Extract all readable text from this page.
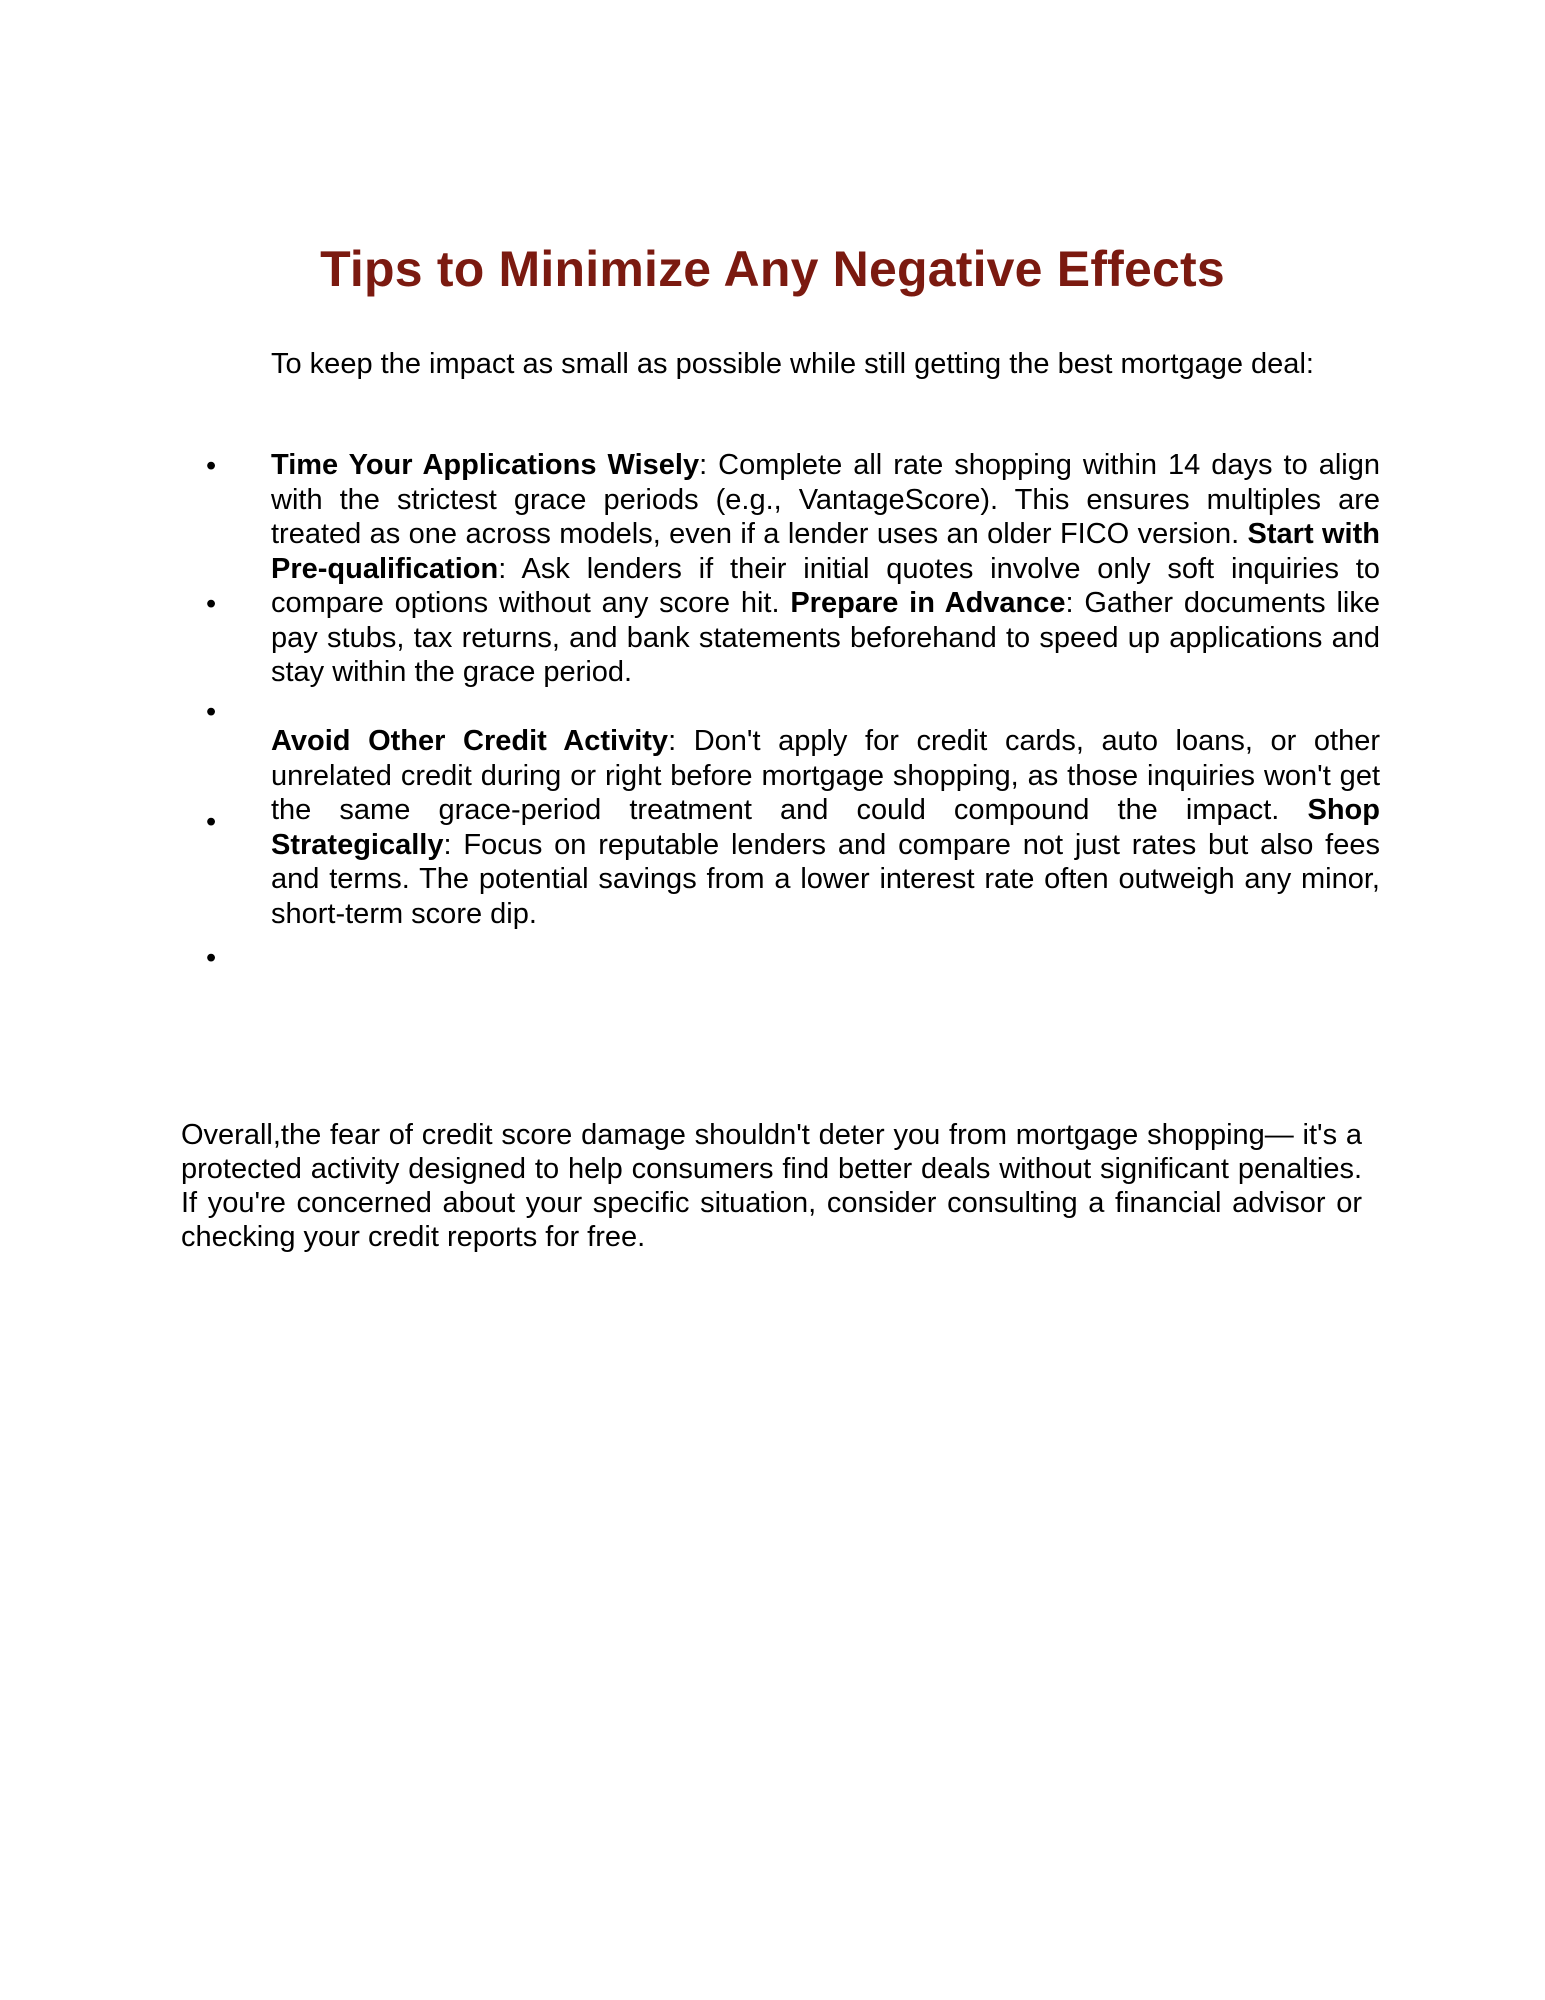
Tips to Minimize Any Negative Effects

To keep the impact as small as possible while still getting the best mortgage deal:

•
•
•
•
•

Time Your Applications Wisely: Complete all rate shopping within 14 days to align with the strictest grace periods (e.g., VantageScore). This ensures multiples are treated as one across models, even if a lender uses an older FICO version. Start with Pre-qualification: Ask lenders if their initial quotes involve only soft inquiries to compare options without any score hit. Prepare in Advance: Gather documents like pay stubs, tax returns, and bank statements beforehand to speed up applications and stay within the grace period.

Avoid Other Credit Activity: Don't apply for credit cards, auto loans, or other unrelated credit during or right before mortgage shopping, as those inquiries won't get the same grace-period treatment and could compound the impact. Shop Strategically: Focus on reputable lenders and compare not just rates but also fees and terms. The potential savings from a lower interest rate often outweigh any minor, short-term score dip.

Overall,the fear of credit score damage shouldn't deter you from mortgage shopping— it's a protected activity designed to help consumers find better deals without significant penalties. If you're concerned about your specific situation, consider consulting a financial advisor or checking your credit reports for free.
